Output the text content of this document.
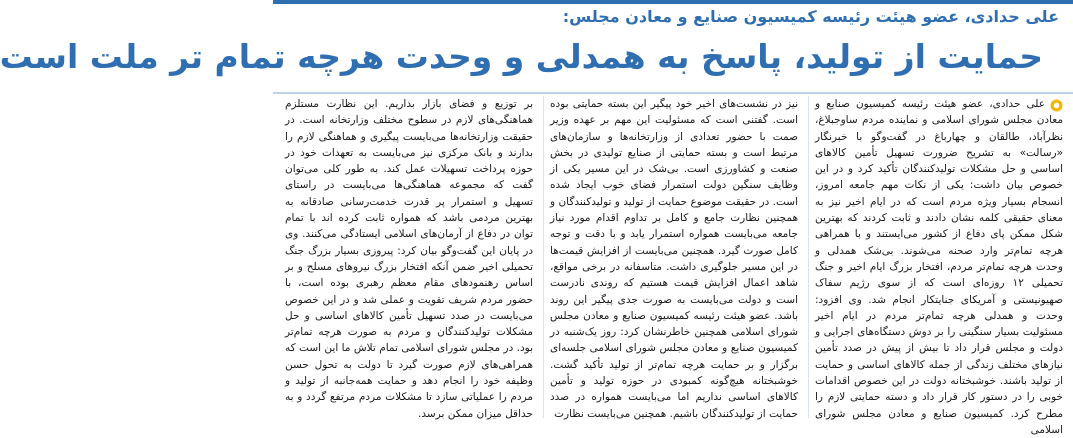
علی حدادی، عضو هیئت رئیسه کمیسیون صنایع و معادن مجلس:
حمایت از تولید، پاسخ به همدلی و وحدت هرچه تمام تر ملت است

علی حدادی، عضو هیئت رئیسه کمیسیون صنایع و معادن مجلس شورای اسلامی و نماینده مردم ساوجبلاغ، نظرآباد، طالقان و چهارباغ در گفت‌وگو با خبرنگار «رسالت» به تشریح ضرورت تسهیل تأمین کالاهای اساسی و حل مشکلات تولیدکنندگان تأکید کرد و در این خصوص بیان داشت: یکی از نکات مهم جامعه امروز، انسجام بسیار ویژه مردم است که در ایام اخیر نیز به معنای حقیقی کلمه نشان دادند و ثابت کردند که بهترین شکل ممکن پای دفاع از کشور می‌ایستند و با همراهی هرچه تمام‌تر وارد صحنه می‌شوند. بی‌شک همدلی و وحدت هرچه تمام‌تر مردم، افتخار بزرگ ایام اخیر و جنگ تحمیلی ۱۲ روزه‌ای است که از سوی رژیم سفاک صهیونیستی و آمریکای جنایتکار انجام شد. وی افزود: وحدت و همدلی هرچه تمام‌تر مردم در ایام اخیر مسئولیت بسیار سنگینی را بر دوش دستگاه‌های اجرایی و دولت و مجلس قرار داد تا بیش از پیش در صدد تأمین نیازهای مختلف زندگی از جمله کالاهای اساسی و حمایت از تولید باشند. خوشبختانه دولت در این خصوص اقدامات خوبی را در دستور کار قرار داد و دسته حمایتی لازم را مطرح کرد. کمیسیون صنایع و معادن مجلس شورای اسلامی

نیز در نشست‌های اخیر خود پیگیر این بسته حمایتی بوده است. گفتنی است که مسئولیت این مهم بر عهده وزیر صمت با حضور تعدادی از وزارتخانه‌ها و سازمان‌های مرتبط است و بسته حمایتی از صنایع تولیدی در بخش صنعت و کشاورزی است. بی‌شک در این مسیر یکی از وظایف سنگین دولت استمرار فضای خوب ایجاد شده است. در حقیقت موضوع حمایت از تولید و تولیدکنندگان و همچنین نظارت جامع و کامل بر تداوم اقدام مورد نیاز جامعه می‌بایست همواره استمرار یابد و با دقت و توجه کامل صورت گیرد. همچنین می‌بایست از افزایش قیمت‌ها در این مسیر جلوگیری داشت. متاسفانه در برخی مواقع، شاهد اعمال افزایش قیمت هستیم که روندی نادرست است و دولت می‌بایست به صورت جدی پیگیر این روند باشد. عضو هیئت رئیسه کمیسیون صنایع و معادن مجلس شورای اسلامی همچنین خاطرنشان کرد: روز یک‌شنبه در کمیسیون صنایع و معادن مجلس شورای اسلامی جلسه‌ای برگزار و بر حمایت هرچه تمام‌تر از تولید تأکید گشت. خوشبختانه هیچ‌گونه کمبودی در حوزه تولید و تأمین کالاهای اساسی نداریم اما می‌بایست همواره در صدد حمایت از تولیدکنندگان باشیم. همچنین می‌بایست نظارت

بر توزیع و فضای بازار بداریم. این نظارت مستلزم هماهنگی‌های لازم در سطوح مختلف وزارتخانه است. در حقیقت وزارتخانه‌ها می‌بایست پیگیری و هماهنگی لازم را بدارند و بانک مرکزی نیز می‌بایست به تعهدات خود در حوزه پرداخت تسهیلات عمل کند. به طور کلی می‌توان گفت که مجموعه هماهنگی‌ها می‌بایست در راستای تسهیل و استمرار پر قدرت خدمت‌رسانی صادقانه به بهترین مردمی باشد که همواره ثابت کرده اند با تمام توان در دفاع از آرمان‌های اسلامی ایستادگی می‌کنند. وی در پایان این گفت‌وگو بیان کرد: پیروزی بسیار بزرگ جنگ تحمیلی اخیر ضمن آنکه افتخار بزرگ نیروهای مسلح و بر اساس رهنمودهای مقام معظم رهبری بوده است، با حضور مردم شریف تقویت و عملی شد و در این خصوص می‌بایست در صدد تسهیل تأمین کالاهای اساسی و حل مشکلات تولیدکنندگان و مردم به صورت هرچه تمام‌تر بود. در مجلس شورای اسلامی تمام تلاش ما این است که همراهی‌های لازم صورت گیرد تا دولت به تحول حسن وظیفه خود را انجام دهد و حمایت همه‌جانبه از تولید و مردم را عملیاتی سازد تا مشکلات مردم مرتفع گردد و به حداقل میزان ممکن برسد.
